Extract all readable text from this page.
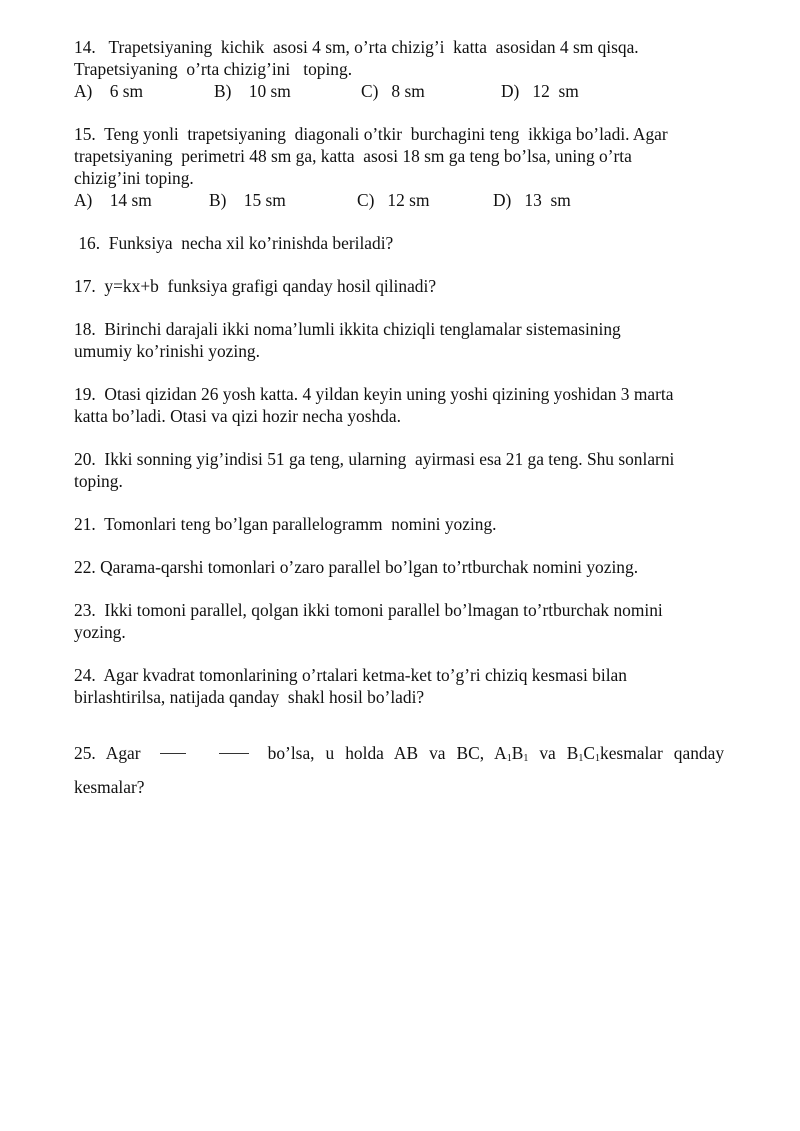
14.   Trapetsiyaning  kichik  asosi 4 sm, o’rta chizig’i  katta  asosidan 4 sm qisqa.
Trapetsiyaning  o’rta chizig’ini   toping.
A)    6 sm	B)    10 sm	C)   8 sm	D)   12  sm
15.  Teng yonli  trapetsiyaning  diagonali o’tkir  burchagini teng  ikkiga bo’ladi. Agar
trapetsiyaning  perimetri 48 sm ga, katta  asosi 18 sm ga teng bo’lsa, uning o’rta
chizig’ini toping.
A)    14 sm	B)    15 sm	C)   12 sm	D)   13  sm
16.  Funksiya  necha xil ko’rinishda beriladi?
17.  y=kx+b  funksiya grafigi qanday hosil qilinadi?
18.  Birinchi darajali ikki noma’lumli ikkita chiziqli tenglamalar sistemasining
umumiy ko’rinishi yozing.
19.  Otasi qizidan 26 yosh katta. 4 yildan keyin uning yoshi qizining yoshidan 3 marta
katta bo’ladi. Otasi va qizi hozir necha yoshda.
20.  Ikki sonning yig’indisi 51 ga teng, ularning  ayirmasi esa 21 ga teng. Shu sonlarni
toping.
21.  Tomonlari teng bo’lgan parallelogramm  nomini yozing.
22. Qarama-qarshi tomonlari o’zaro parallel bo’lgan to’rtburchak nomini yozing.
23.  Ikki tomoni parallel, qolgan ikki tomoni parallel bo’lmagan to’rtburchak nomini
yozing.
24.  Agar kvadrat tomonlarining o’rtalari ketma-ket to’g’ri chiziq kesmasi bilan
birlashtirilsa, natijada qanday  shakl hosil bo’ladi?
25. Agar	bo’lsa, u holda AB va BC, $A_1B_1$ va $B_1C_1kesmalar$ qanday
kesmalar?
